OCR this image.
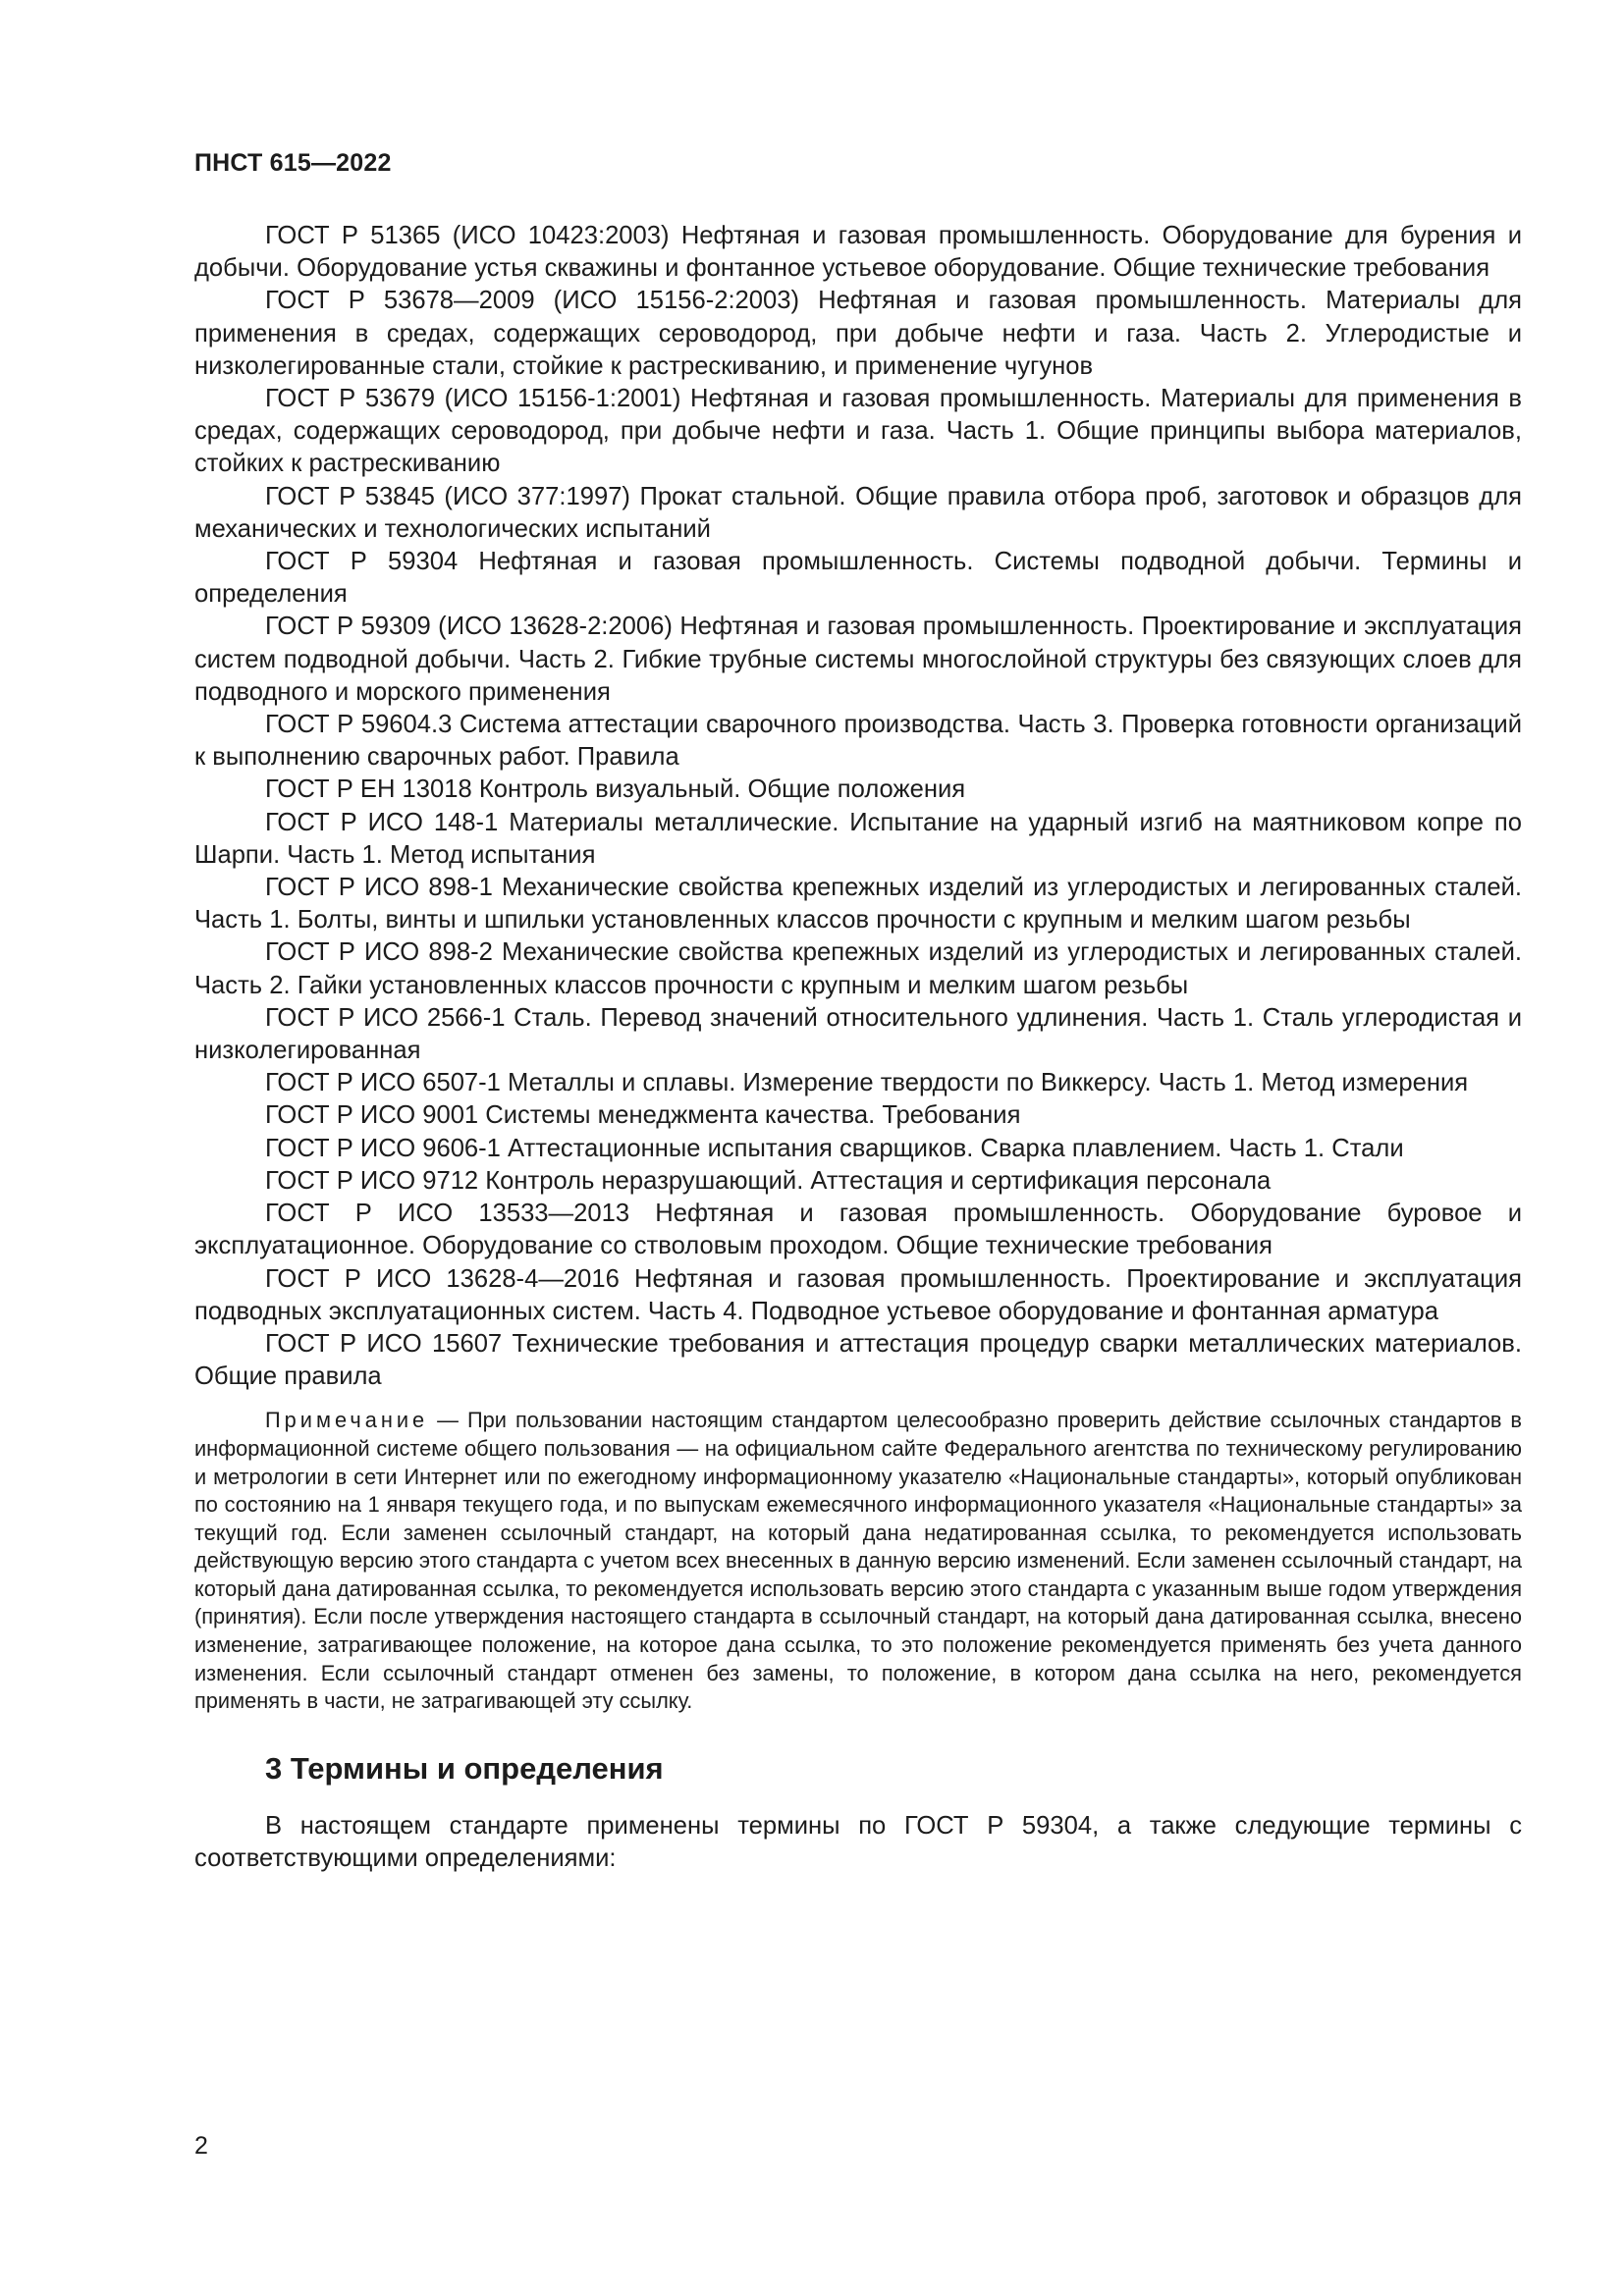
ПНСТ 615—2022

ГОСТ Р 51365 (ИСО 10423:2003) Нефтяная и газовая промышленность. Оборудование для бурения и добычи. Оборудование устья скважины и фонтанное устьевое оборудование. Общие технические требования

ГОСТ Р 53678—2009 (ИСО 15156-2:2003) Нефтяная и газовая промышленность. Материалы для применения в средах, содержащих сероводород, при добыче нефти и газа. Часть 2. Углеродистые и низколегированные стали, стойкие к растрескиванию, и применение чугунов

ГОСТ Р 53679 (ИСО 15156-1:2001) Нефтяная и газовая промышленность. Материалы для применения в средах, содержащих сероводород, при добыче нефти и газа. Часть 1. Общие принципы выбора материалов, стойких к растрескиванию

ГОСТ Р 53845 (ИСО 377:1997) Прокат стальной. Общие правила отбора проб, заготовок и образцов для механических и технологических испытаний

ГОСТ Р 59304 Нефтяная и газовая промышленность. Системы подводной добычи. Термины и определения

ГОСТ Р 59309 (ИСО 13628-2:2006) Нефтяная и газовая промышленность. Проектирование и эксплуатация систем подводной добычи. Часть 2. Гибкие трубные системы многослойной структуры без связующих слоев для подводного и морского применения

ГОСТ Р 59604.3 Система аттестации сварочного производства. Часть 3. Проверка готовности организаций к выполнению сварочных работ. Правила

ГОСТ Р ЕН 13018 Контроль визуальный. Общие положения

ГОСТ Р ИСО 148-1 Материалы металлические. Испытание на ударный изгиб на маятниковом копре по Шарпи. Часть 1. Метод испытания

ГОСТ Р ИСО 898-1 Механические свойства крепежных изделий из углеродистых и легированных сталей. Часть 1. Болты, винты и шпильки установленных классов прочности с крупным и мелким шагом резьбы

ГОСТ Р ИСО 898-2 Механические свойства крепежных изделий из углеродистых и легированных сталей. Часть 2. Гайки установленных классов прочности с крупным и мелким шагом резьбы

ГОСТ Р ИСО 2566-1 Сталь. Перевод значений относительного удлинения. Часть 1. Сталь углеродистая и низколегированная

ГОСТ Р ИСО 6507-1 Металлы и сплавы. Измерение твердости по Виккерсу. Часть 1. Метод измерения

ГОСТ Р ИСО 9001 Системы менеджмента качества. Требования

ГОСТ Р ИСО 9606-1 Аттестационные испытания сварщиков. Сварка плавлением. Часть 1. Стали

ГОСТ Р ИСО 9712 Контроль неразрушающий. Аттестация и сертификация персонала

ГОСТ Р ИСО 13533—2013 Нефтяная и газовая промышленность. Оборудование буровое и эксплуатационное. Оборудование со стволовым проходом. Общие технические требования

ГОСТ Р ИСО 13628-4—2016 Нефтяная и газовая промышленность. Проектирование и эксплуатация подводных эксплуатационных систем. Часть 4. Подводное устьевое оборудование и фонтанная арматура

ГОСТ Р ИСО 15607 Технические требования и аттестация процедур сварки металлических материалов. Общие правила

Примечание — При пользовании настоящим стандартом целесообразно проверить действие ссылочных стандартов в информационной системе общего пользования — на официальном сайте Федерального агентства по техническому регулированию и метрологии в сети Интернет или по ежегодному информационному указателю «Национальные стандарты», который опубликован по состоянию на 1 января текущего года, и по выпускам ежемесячного информационного указателя «Национальные стандарты» за текущий год. Если заменен ссылочный стандарт, на который дана недатированная ссылка, то рекомендуется использовать действующую версию этого стандарта с учетом всех внесенных в данную версию изменений. Если заменен ссылочный стандарт, на который дана датированная ссылка, то рекомендуется использовать версию этого стандарта с указанным выше годом утверждения (принятия). Если после утверждения настоящего стандарта в ссылочный стандарт, на который дана датированная ссылка, внесено изменение, затрагивающее положение, на которое дана ссылка, то это положение рекомендуется применять без учета данного изменения. Если ссылочный стандарт отменен без замены, то положение, в котором дана ссылка на него, рекомендуется применять в части, не затрагивающей эту ссылку.
3 Термины и определения
В настоящем стандарте применены термины по ГОСТ Р 59304, а также следующие термины с соответствующими определениями:
2
